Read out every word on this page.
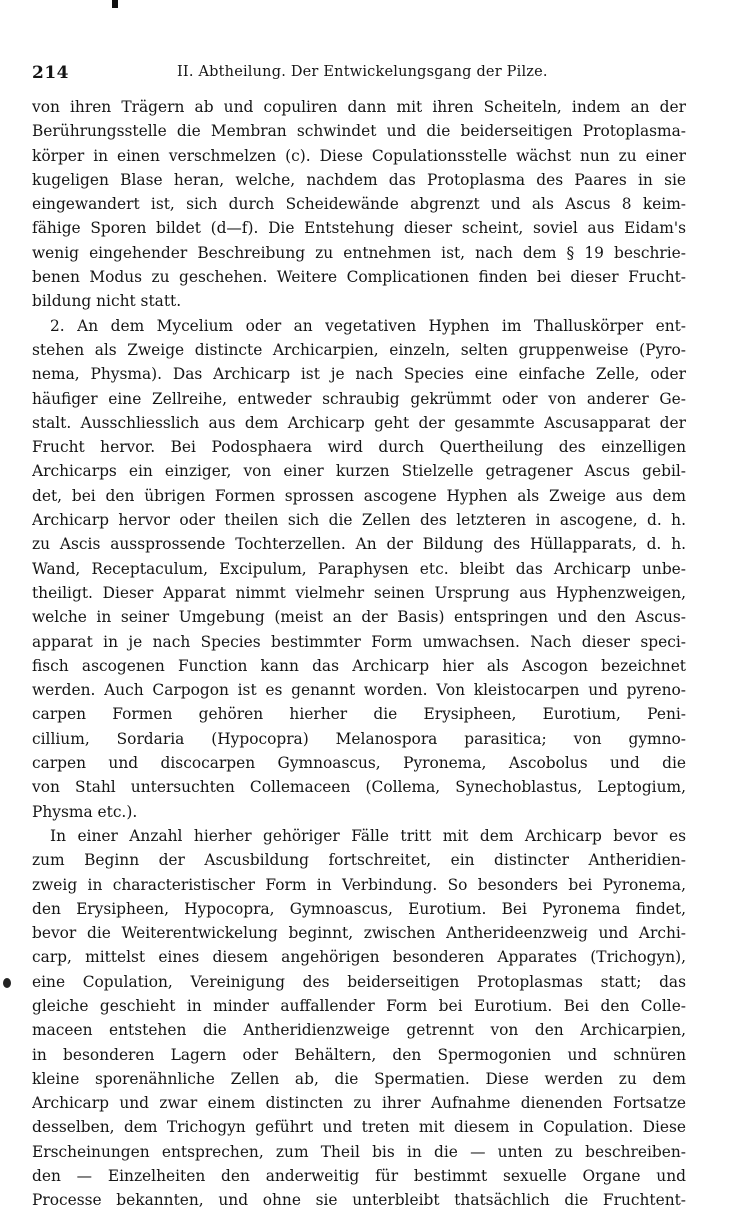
214	II. Abtheilung. Der Entwickelungsgang der Pilze.
von ihren Trägern ab und copuliren dann mit ihren Scheiteln, indem an der
Berührungsstelle die Membran schwindet und die beiderseitigen Protoplasma-
körper in einen verschmelzen (c). Diese Copulationsstelle wächst nun zu einer
kugeligen Blase heran, welche, nachdem das Protoplasma des Paares in sie
eingewandert ist, sich durch Scheidewände abgrenzt und als Ascus 8 keim-
fähige Sporen bildet (d—f). Die Entstehung dieser scheint, soviel aus Eidam's
wenig eingehender Beschreibung zu entnehmen ist, nach dem § 19 beschrie-
benen Modus zu geschehen. Weitere Complicationen finden bei dieser Frucht-
bildung nicht statt.
2. An dem Mycelium oder an vegetativen Hyphen im Thalluskörper ent-
stehen als Zweige distincte Archicarpien, einzeln, selten gruppenweise (Pyro-
nema, Physma). Das Archicarp ist je nach Species eine einfache Zelle, oder
häufiger eine Zellreihe, entweder schraubig gekrümmt oder von anderer Ge-
stalt. Ausschliesslich aus dem Archicarp geht der gesammte Ascusapparat der
Frucht hervor. Bei Podosphaera wird durch Quertheilung des einzelligen
Archicarps ein einziger, von einer kurzen Stielzelle getragener Ascus gebil-
det, bei den übrigen Formen sprossen ascogene Hyphen als Zweige aus dem
Archicarp hervor oder theilen sich die Zellen des letzteren in ascogene, d. h.
zu Ascis aussprossende Tochterzellen. An der Bildung des Hüllapparats, d. h.
Wand, Receptaculum, Excipulum, Paraphysen etc. bleibt das Archicarp unbe-
theiligt. Dieser Apparat nimmt vielmehr seinen Ursprung aus Hyphenzweigen,
welche in seiner Umgebung (meist an der Basis) entspringen und den Ascus-
apparat in je nach Species bestimmter Form umwachsen. Nach dieser speci-
fisch ascogenen Function kann das Archicarp hier als Ascogon bezeichnet
werden. Auch Carpogon ist es genannt worden. Von kleistocarpen und pyreno-
carpen Formen gehören hierher die Erysipheen, Eurotium, Peni-
cillium, Sordaria (Hypocopra) Melanospora parasitica; von gymno-
carpen und discocarpen Gymnoascus, Pyronema, Ascobolus und die
von Stahl untersuchten Collemaceen (Collema, Synechoblastus, Leptogium,
Physma etc.).
In einer Anzahl hierher gehöriger Fälle tritt mit dem Archicarp bevor es
zum Beginn der Ascusbildung fortschreitet, ein distincter Antheridien-
zweig in characteristischer Form in Verbindung. So besonders bei Pyronema,
den Erysipheen, Hypocopra, Gymnoascus, Eurotium. Bei Pyronema findet,
bevor die Weiterentwickelung beginnt, zwischen Antherideenzweig und Archi-
carp, mittelst eines diesem angehörigen besonderen Apparates (Trichogyn),
eine Copulation, Vereinigung des beiderseitigen Protoplasmas statt; das
gleiche geschieht in minder auffallender Form bei Eurotium. Bei den Colle-
maceen entstehen die Antheridienzweige getrennt von den Archicarpien,
in besonderen Lagern oder Behältern, den Spermogonien und schnüren
kleine sporenähnliche Zellen ab, die Spermatien. Diese werden zu dem
Archicarp und zwar einem distincten zu ihrer Aufnahme dienenden Fortsatze
desselben, dem Trichogyn geführt und treten mit diesem in Copulation. Diese
Erscheinungen entsprechen, zum Theil bis in die — unten zu beschreiben-
den — Einzelheiten den anderweitig für bestimmt sexuelle Organe und
Processe bekannten, und ohne sie unterbleibt thatsächlich die Fruchtent-
